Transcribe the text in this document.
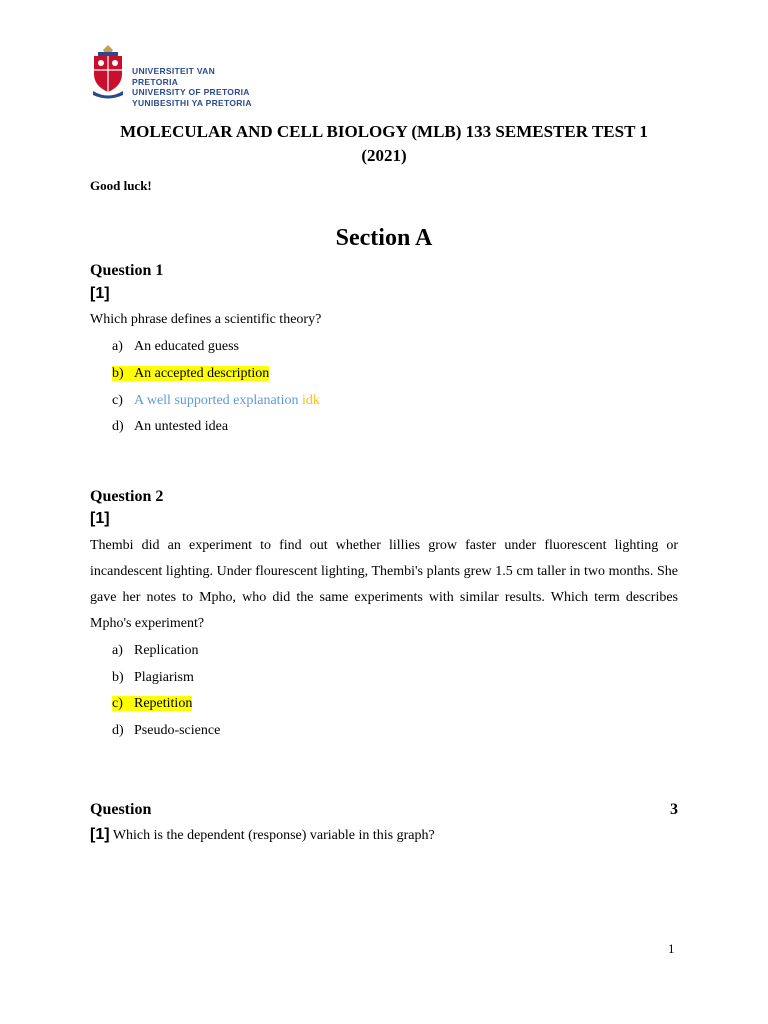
UNIVERSITEIT VAN PRETORIA
UNIVERSITY OF PRETORIA
YUNIBESITHI YA PRETORIA
MOLECULAR AND CELL BIOLOGY (MLB) 133 SEMESTER TEST 1
(2021)
Good luck!
Section A
Question 1
[1]
Which phrase defines a scientific theory?
a) An educated guess
b) An accepted description
c) A well supported explanation idk
d) An untested idea
Question 2
[1]
Thembi did an experiment to find out whether lillies grow faster under fluorescent lighting or incandescent lighting. Under flourescent lighting, Thembi's plants grew 1.5 cm taller in two months. She gave her notes to Mpho, who did the same experiments with similar results. Which term describes Mpho's experiment?
a) Replication
b) Plagiarism
c) Repetition
d) Pseudo-science
Question	3
[1] Which is the dependent (response) variable in this graph?
1
